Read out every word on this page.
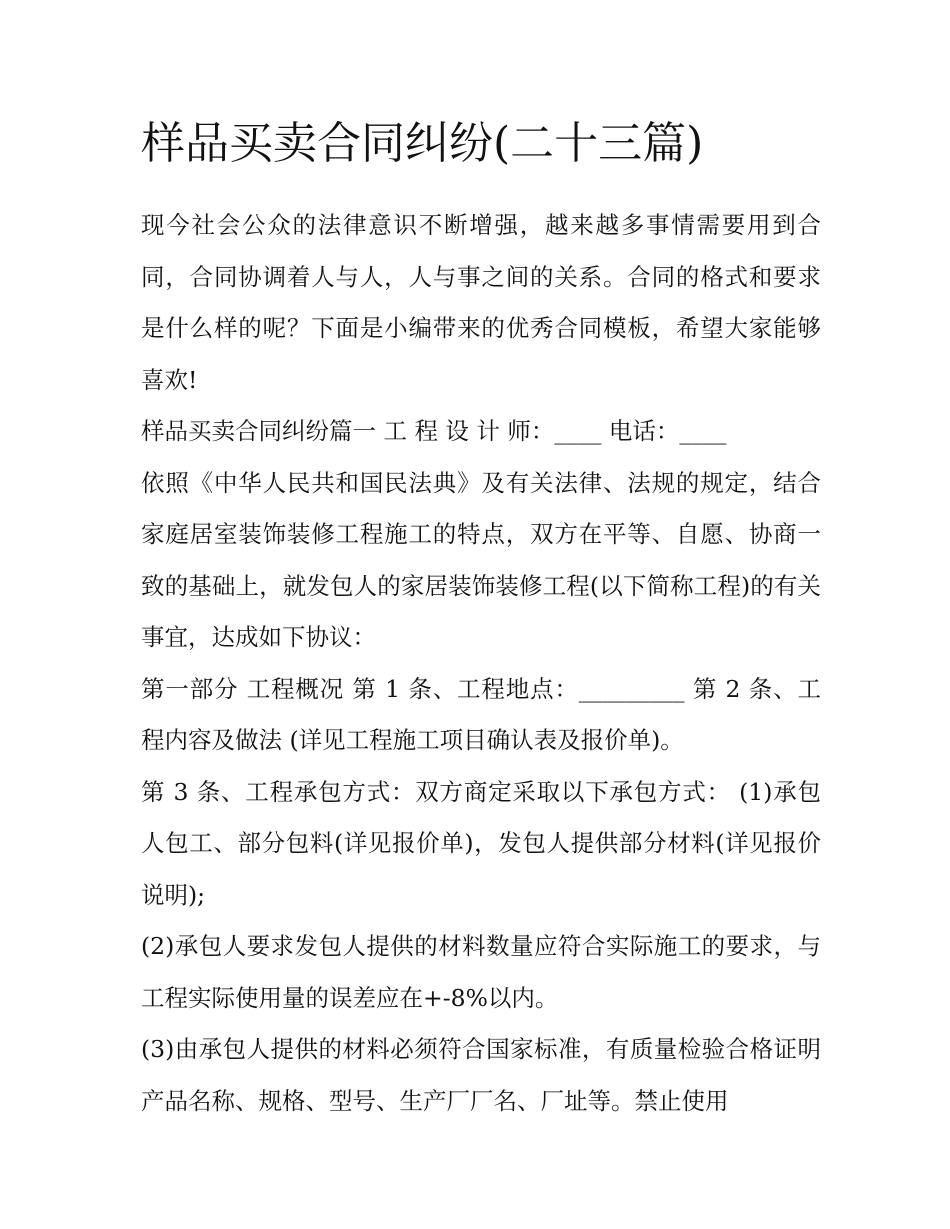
样品买卖合同纠纷(二十三篇)

现今社会公众的法律意识不断增强，越来越多事情需要用到合同，合同协调着人与人，人与事之间的关系。合同的格式和要求是什么样的呢？下面是小编带来的优秀合同模板，希望大家能够喜欢!

样品买卖合同纠纷篇一 工 程 设 计 师：____ 电话：____

依照《中华人民共和国民法典》及有关法律、法规的规定，结合家庭居室装饰装修工程施工的特点，双方在平等、自愿、协商一致的基础上，就发包人的家居装饰装修工程(以下简称工程)的有关事宜，达成如下协议：

第一部分 工程概况 第 1 条、工程地点：_________ 第 2 条、工程内容及做法 (详见工程施工项目确认表及报价单)。

第 3 条、工程承包方式：双方商定采取以下承包方式： (1)承包人包工、部分包料(详见报价单)，发包人提供部分材料(详见报价说明);

(2)承包人要求发包人提供的材料数量应符合实际施工的要求，与工程实际使用量的误差应在+-8%以内。

(3)由承包人提供的材料必须符合国家标准，有质量检验合格证明产品名称、规格、型号、生产厂厂名、厂址等。禁止使用
